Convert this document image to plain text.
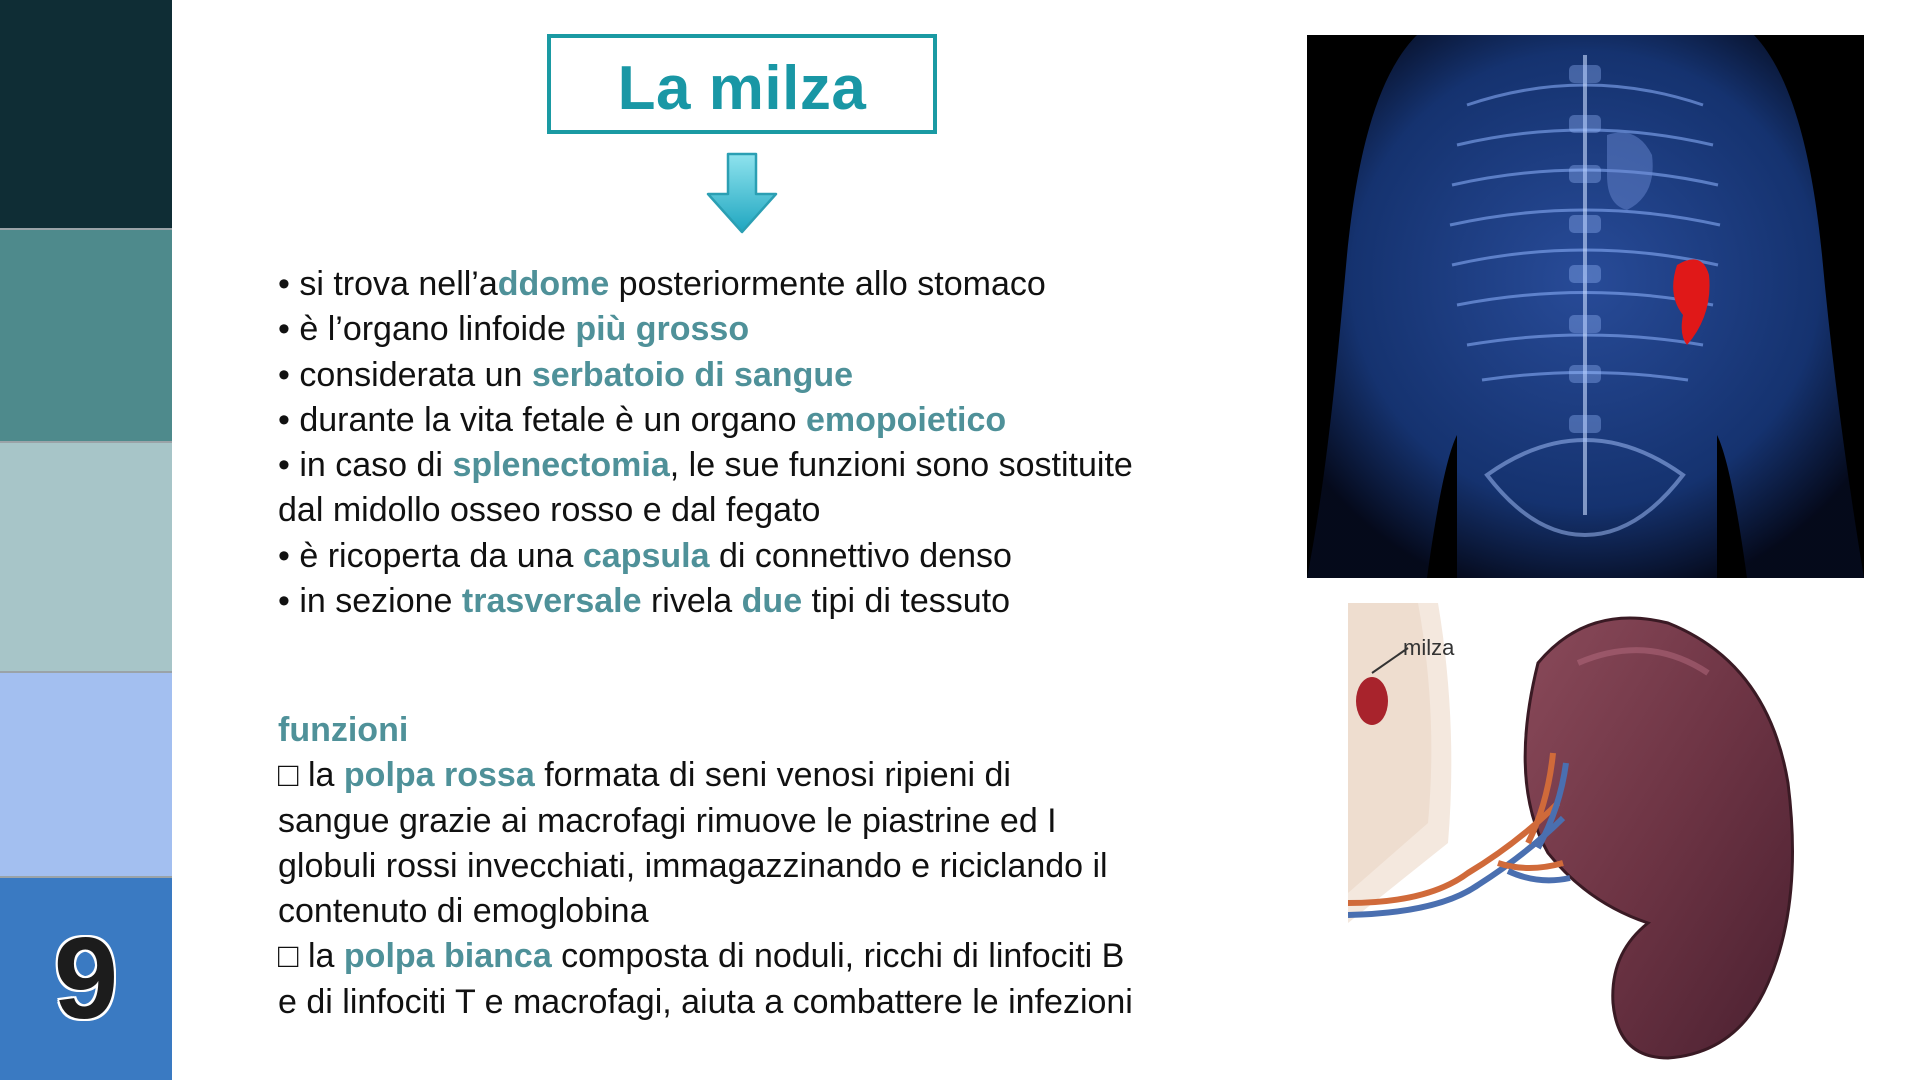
9
La milza
• si trova nell’addome posteriormente allo stomaco
• è l’organo linfoide più grosso
• considerata un serbatoio di sangue
• durante la vita fetale è un organo emopoietico
• in caso di splenectomia, le sue funzioni sono sostituite
dal midollo osseo rosso e dal fegato
• è ricoperta da una capsula di connettivo denso
• in sezione trasversale rivela due tipi di tessuto
funzioni
□ la polpa rossa formata di seni venosi ripieni di
sangue grazie ai macrofagi rimuove le piastrine ed I
globuli rossi invecchiati, immagazzinando e riciclando il
contenuto di emoglobina
□ la polpa bianca composta di noduli, ricchi di linfociti B
e di linfociti T e macrofagi, aiuta a combattere le infezioni
milza
